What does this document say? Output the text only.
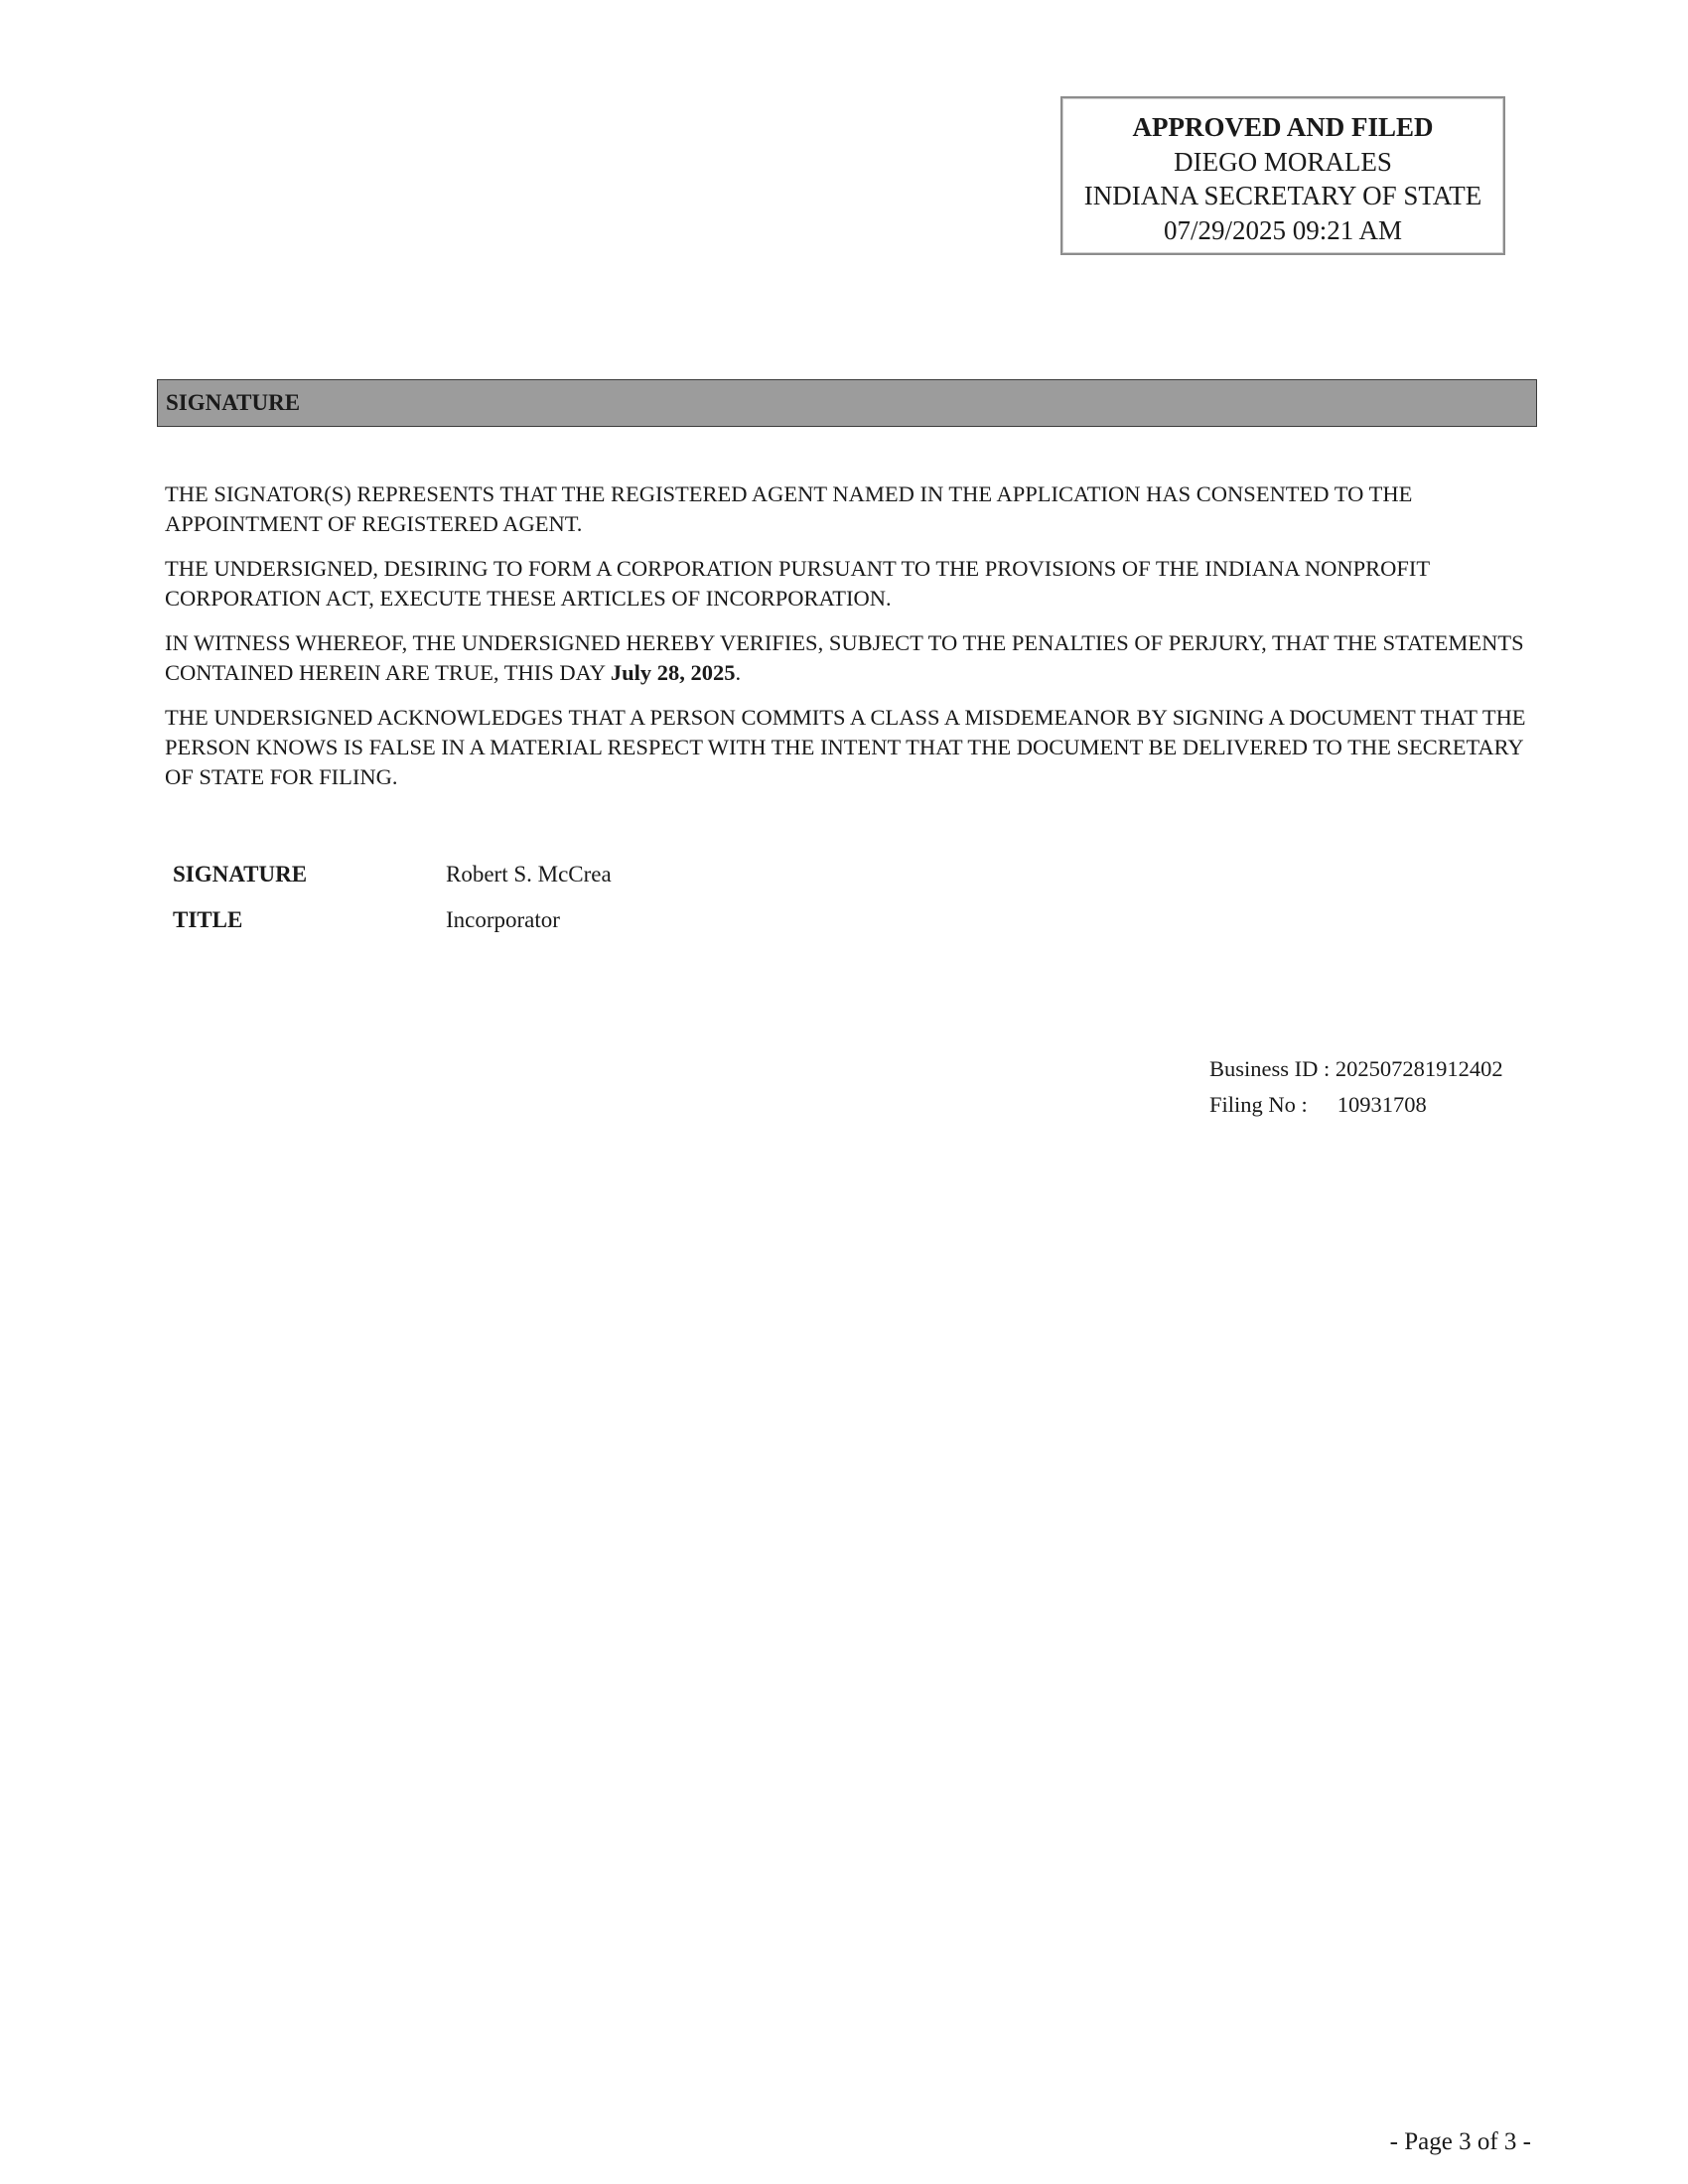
APPROVED AND FILED
DIEGO MORALES
INDIANA SECRETARY OF STATE
07/29/2025 09:21 AM
SIGNATURE

THE SIGNATOR(S) REPRESENTS THAT THE REGISTERED AGENT NAMED IN THE APPLICATION HAS CONSENTED TO THE APPOINTMENT OF REGISTERED AGENT.

THE UNDERSIGNED, DESIRING TO FORM A CORPORATION PURSUANT TO THE PROVISIONS OF THE INDIANA NONPROFIT CORPORATION ACT, EXECUTE THESE ARTICLES OF INCORPORATION.

IN WITNESS WHEREOF, THE UNDERSIGNED HEREBY VERIFIES, SUBJECT TO THE PENALTIES OF PERJURY, THAT THE STATEMENTS CONTAINED HEREIN ARE TRUE, THIS DAY July 28, 2025.

THE UNDERSIGNED ACKNOWLEDGES THAT A PERSON COMMITS A CLASS A MISDEMEANOR BY SIGNING A DOCUMENT THAT THE PERSON KNOWS IS FALSE IN A MATERIAL RESPECT WITH THE INTENT THAT THE DOCUMENT BE DELIVERED TO THE SECRETARY OF STATE FOR FILING.

SIGNATURE	Robert S. McCrea
TITLE	Incorporator
Business ID : 202507281912402
Filing No : 10931708
- Page 3 of 3 -
